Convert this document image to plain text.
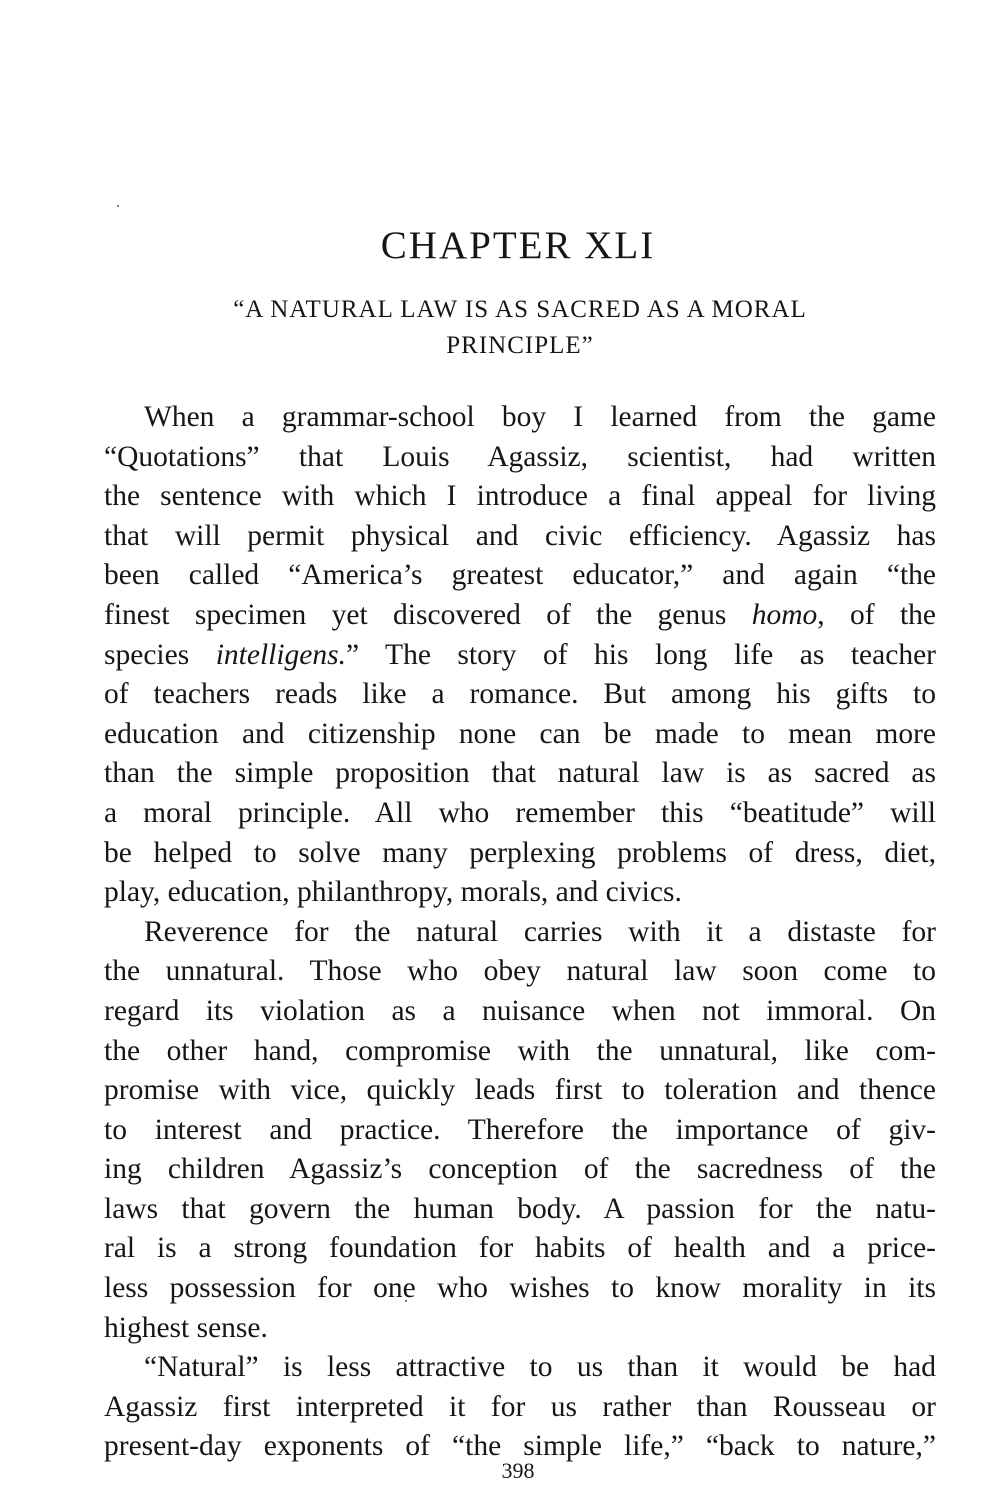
CHAPTER XLI
“A NATURAL LAW IS AS SACRED AS A MORAL
PRINCIPLE”
When a grammar-school boy I learned from the game
“Quotations” that Louis Agassiz, scientist, had written
the sentence with which I introduce a final appeal for living
that will permit physical and civic efficiency. Agassiz has
been called “America’s greatest educator,” and again “the
finest specimen yet discovered of the genus homo, of the
species intelligens.” The story of his long life as teacher
of teachers reads like a romance. But among his gifts to
education and citizenship none can be made to mean more
than the simple proposition that natural law is as sacred as
a moral principle. All who remember this “beatitude” will
be helped to solve many perplexing problems of dress, diet,
play, education, philanthropy, morals, and civics.
Reverence for the natural carries with it a distaste for
the unnatural. Those who obey natural law soon come to
regard its violation as a nuisance when not immoral. On
the other hand, compromise with the unnatural, like com-
promise with vice, quickly leads first to toleration and thence
to interest and practice. Therefore the importance of giv-
ing children Agassiz’s conception of the sacredness of the
laws that govern the human body. A passion for the natu-
ral is a strong foundation for habits of health and a price-
less possession for one who wishes to know morality in its
highest sense.
“Natural” is less attractive to us than it would be had
Agassiz first interpreted it for us rather than Rousseau or
present-day exponents of “the simple life,” “back to nature,”
398
